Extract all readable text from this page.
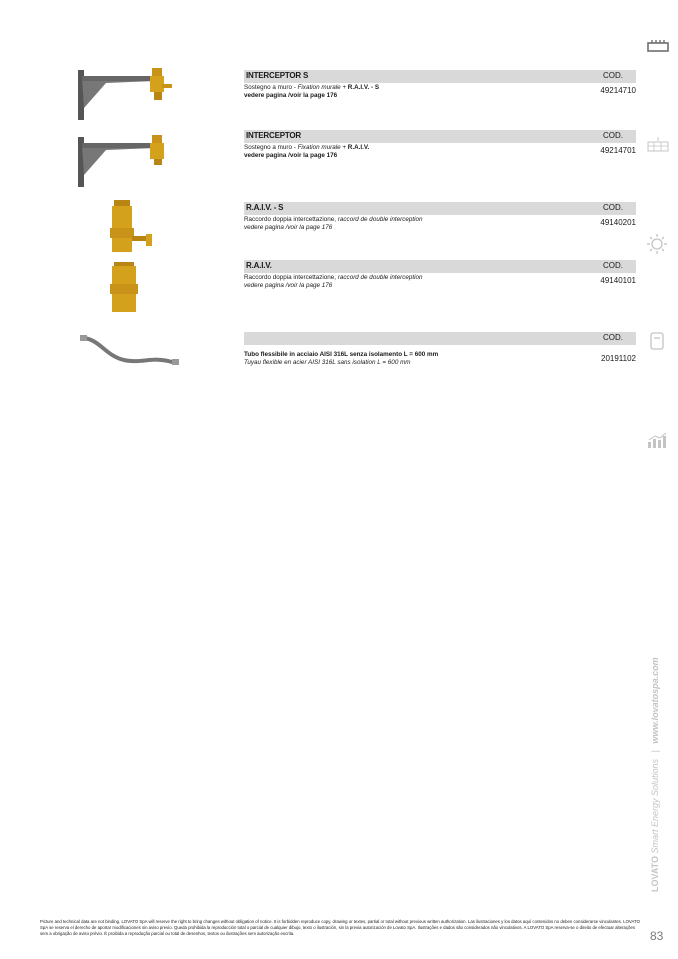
INTERCEPTOR S	COD.
Sostegno a muro - Fixation murale + R.A.I.V. - S
vedere pagina /voir la page 176
49214710
INTERCEPTOR	COD.
Sostegno a muro - Fixation murale + R.A.I.V.
vedere pagina /voir la page 176
49214701
R.A.I.V. - S	COD.
Raccordo doppia intercettazione, raccord de double interception
vedere pagina /voir la page 176
49140201
R.A.I.V.	COD.
Raccordo doppia intercettazione, raccord de double interception
vedere pagina /voir la page 176
49140101
COD.
Tubo flessibile in acciaio AISI 316L senza isolamento L = 600 mm
Tuyau flexible en acier AISI 316L sans isolation L = 600 mm	20191102
LOVATO Smart Energy Solutions | www.lovatospa.com
Picture and technical data are not binding. LOVATO SpA will reserve the right to bring changes without obligation of notice. It is forbidden reproduce copy, drawing or textes, partial or total without previous written authorization. Las ilustraciones y los datos aquí contenidos no deben considerarse vinculantes. LOVATO SpA se reserva el derecho de aportar modificaciones sin aviso previo. Queda prohibida la reproducción total o parcial de cualquier dibujo, texto o ilustración, sin la previa autorización de Lovato SpA. Ilustrações e dados são considerados não vinculativos. A LOVATO SpA reserva-se o direito de efectuar alterações sem a obrigação de aviso prévio. É proibida a reprodução parcial ou total de desenhos, textos ou ilustrações sem autorização escrita.	83
